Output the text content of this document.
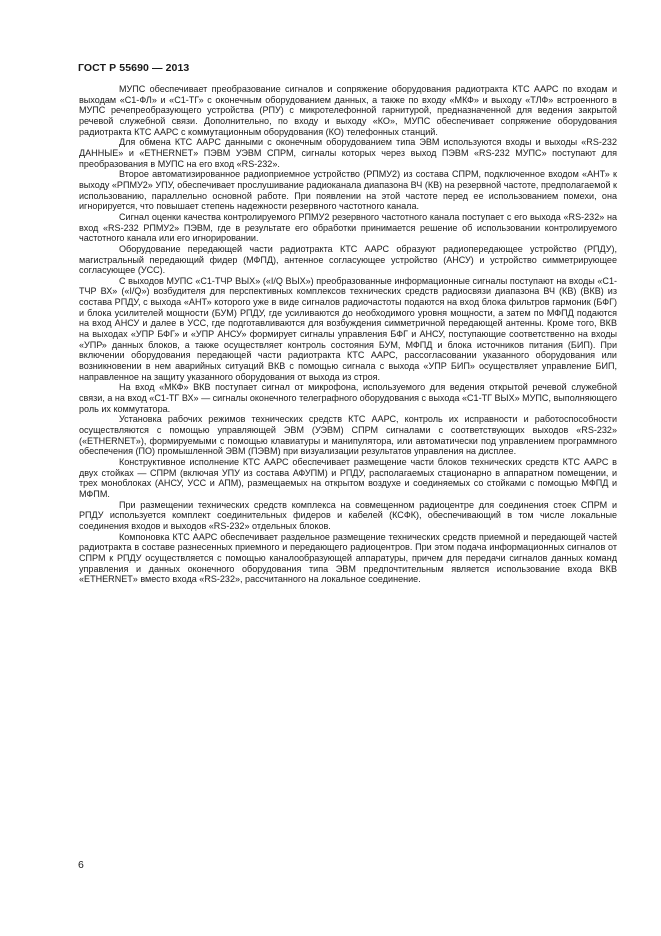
ГОСТ Р 55690 — 2013

МУПС обеспечивает преобразование сигналов и сопряжение оборудования радиотракта КТС ААРС по входам и выходам «С1-ФЛ» и «С1-ТГ» с оконечным оборудованием данных, а также по входу «МКФ» и выходу «ТЛФ» встроенного в МУПС речепреобразующего устройства (РПУ) с микротелефонной гарнитурой, предназначенной для ведения закрытой речевой служебной связи. Дополнительно, по входу и выходу «КО», МУПС обеспечивает сопряжение оборудования радиотракта КТС ААРС с коммутационным оборудования (КО) телефонных станций.

Для обмена КТС ААРС данными с оконечным оборудованием типа ЭВМ используются входы и выходы «RS-232 ДАННЫЕ» и «ETHERNET» ПЭВМ УЭВМ СПРМ, сигналы которых через выход ПЭВМ «RS-232 МУПС» поступают для преобразования в МУПС на его вход «RS-232».

Второе автоматизированное радиоприемное устройство (РПМУ2) из состава СПРМ, подключенное входом «АНТ» к выходу «РПМУ2» УПУ, обеспечивает прослушивание радиоканала диапазона ВЧ (КВ) на резервной частоте, предполагаемой к использованию, параллельно основной работе. При появлении на этой частоте перед ее использованием помехи, она игнорируется, что повышает степень надежности резервного частотного канала.

Сигнал оценки качества контролируемого РПМУ2 резервного частотного канала поступает с его выхода «RS-232» на вход «RS-232 РПМУ2» ПЭВМ, где в результате его обработки принимается решение об использовании контролируемого частотного канала или его игнорировании.

Оборудование передающей части радиотракта КТС ААРС образуют радиопередающее устройство (РПДУ), магистральный передающий фидер (МФПД), антенное согласующее устройство (АНСУ) и устройство симметрирующее согласующее (УСС).

С выходов МУПС «С1-ТЧР ВЫХ» («I/Q ВЫХ») преобразованные информационные сигналы поступают на входы «С1-ТЧР ВХ» («I/Q») возбудителя для перспективных комплексов технических средств радиосвязи диапазона ВЧ (КВ) (ВКВ) из состава РПДУ, с выхода «АНТ» которого уже в виде сигналов радиочастоты подаются на вход блока фильтров гармоник (БФГ) и блока усилителей мощности (БУМ) РПДУ, где усиливаются до необходимого уровня мощности, а затем по МФПД подаются на вход АНСУ и далее в УСС, где подготавливаются для возбуждения симметричной передающей антенны. Кроме того, ВКВ на выходах «УПР БФГ» и «УПР АНСУ» формирует сигналы управления БФГ и АНСУ, поступающие соответственно на входы «УПР» данных блоков, а также осуществляет контроль состояния БУМ, МФПД и блока источников питания (БИП). При включении оборудования передающей части радиотракта КТС ААРС, рассогласовании указанного оборудования или возникновении в нем аварийных ситуаций ВКВ с помощью сигнала с выхода «УПР БИП» осуществляет управление БИП, направленное на защиту указанного оборудования от выхода из строя.

На вход «МКФ» ВКВ поступает сигнал от микрофона, используемого для ведения открытой речевой служебной связи, а на вход «С1-ТГ ВХ» — сигналы оконечного телеграфного оборудования с выхода «С1-ТГ ВЫХ» МУПС, выполняющего роль их коммутатора.

Установка рабочих режимов технических средств КТС ААРС, контроль их исправности и работоспособности осуществляются с помощью управляющей ЭВМ (УЭВМ) СПРМ сигналами с соответствующих выходов «RS-232» («ETHERNET»), формируемыми с помощью клавиатуры и манипулятора, или автоматически под управлением программного обеспечения (ПО) промышленной ЭВМ (ПЭВМ) при визуализации результатов управления на дисплее.

Конструктивное исполнение КТС ААРС обеспечивает размещение части блоков технических средств КТС ААРС в двух стойках — СПРМ (включая УПУ из состава АФУПМ) и РПДУ, располагаемых стационарно в аппаратном помещении, и трех моноблоках (АНСУ, УСС и АПМ), размещаемых на открытом воздухе и соединяемых со стойками с помощью МФПД и МФПМ.

При размещении технических средств комплекса на совмещенном радиоцентре для соединения стоек СПРМ и РПДУ используется комплект соединительных фидеров и кабелей (КСФК), обеспечивающий в том числе локальные соединения входов и выходов «RS-232» отдельных блоков.

Компоновка КТС ААРС обеспечивает раздельное размещение технических средств приемной и передающей частей радиотракта в составе разнесенных приемного и передающего радиоцентров. При этом подача информационных сигналов от СПРМ к РПДУ осуществляется с помощью каналообразующей аппаратуры, причем для передачи сигналов данных команд управления и данных оконечного оборудования типа ЭВМ предпочтительным является использование входа ВКВ «ETHERNET» вместо входа «RS-232», рассчитанного на локальное соединение.

6
